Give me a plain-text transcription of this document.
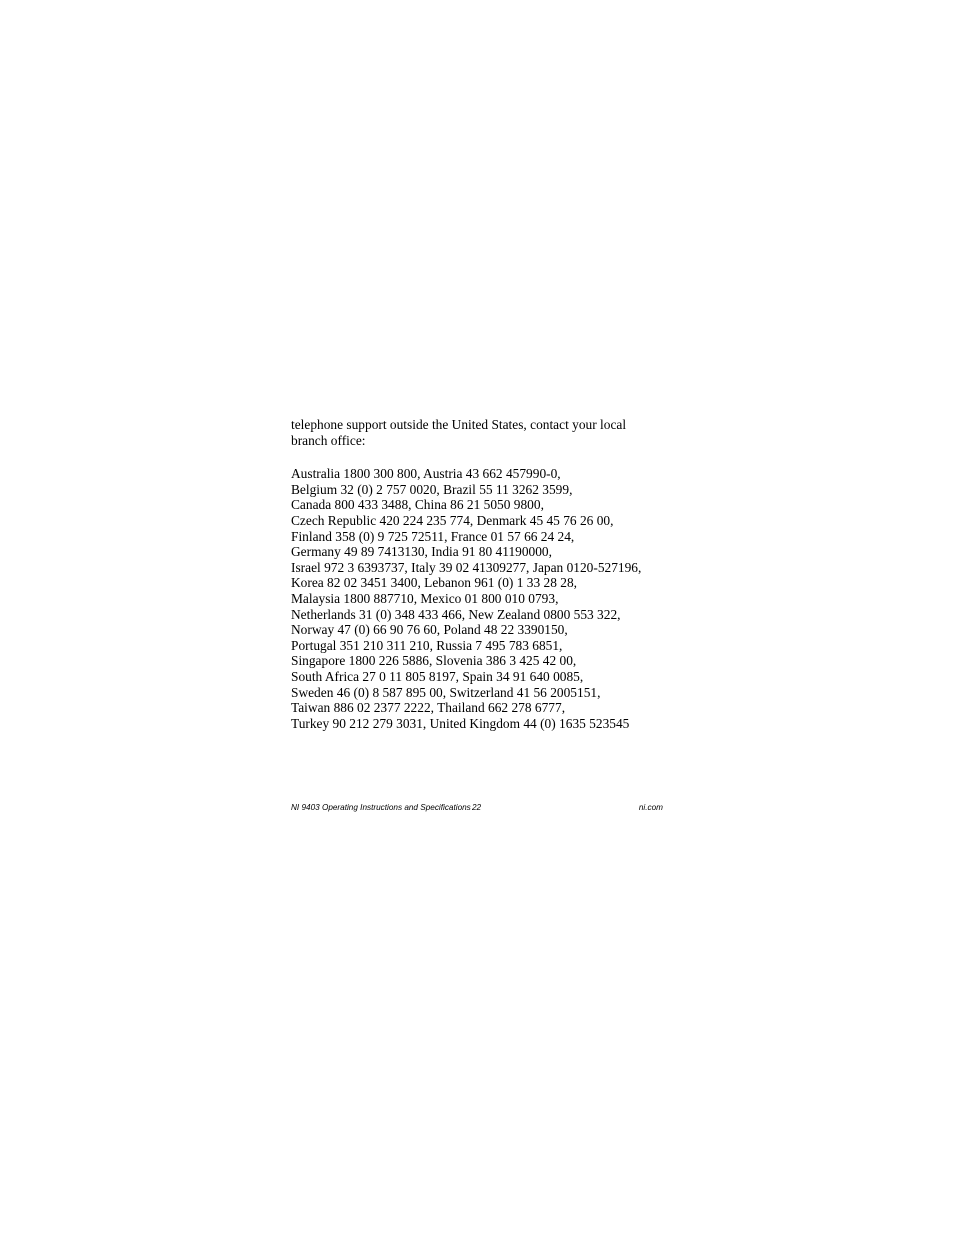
telephone support outside the United States, contact your local
branch office:

Australia 1800 300 800, Austria 43 662 457990-0,
Belgium 32 (0) 2 757 0020, Brazil 55 11 3262 3599,
Canada 800 433 3488, China 86 21 5050 9800,
Czech Republic 420 224 235 774, Denmark 45 45 76 26 00,
Finland 358 (0) 9 725 72511, France 01 57 66 24 24,
Germany 49 89 7413130, India 91 80 41190000,
Israel 972 3 6393737, Italy 39 02 41309277, Japan 0120-527196,
Korea 82 02 3451 3400, Lebanon 961 (0) 1 33 28 28,
Malaysia 1800 887710, Mexico 01 800 010 0793,
Netherlands 31 (0) 348 433 466, New Zealand 0800 553 322,
Norway 47 (0) 66 90 76 60, Poland 48 22 3390150,
Portugal 351 210 311 210, Russia 7 495 783 6851,
Singapore 1800 226 5886, Slovenia 386 3 425 42 00,
South Africa 27 0 11 805 8197, Spain 34 91 640 0085,
Sweden 46 (0) 8 587 895 00, Switzerland 41 56 2005151,
Taiwan 886 02 2377 2222, Thailand 662 278 6777,
Turkey 90 212 279 3031, United Kingdom 44 (0) 1635 523545
NI 9403 Operating Instructions and Specifications 22	ni.com
